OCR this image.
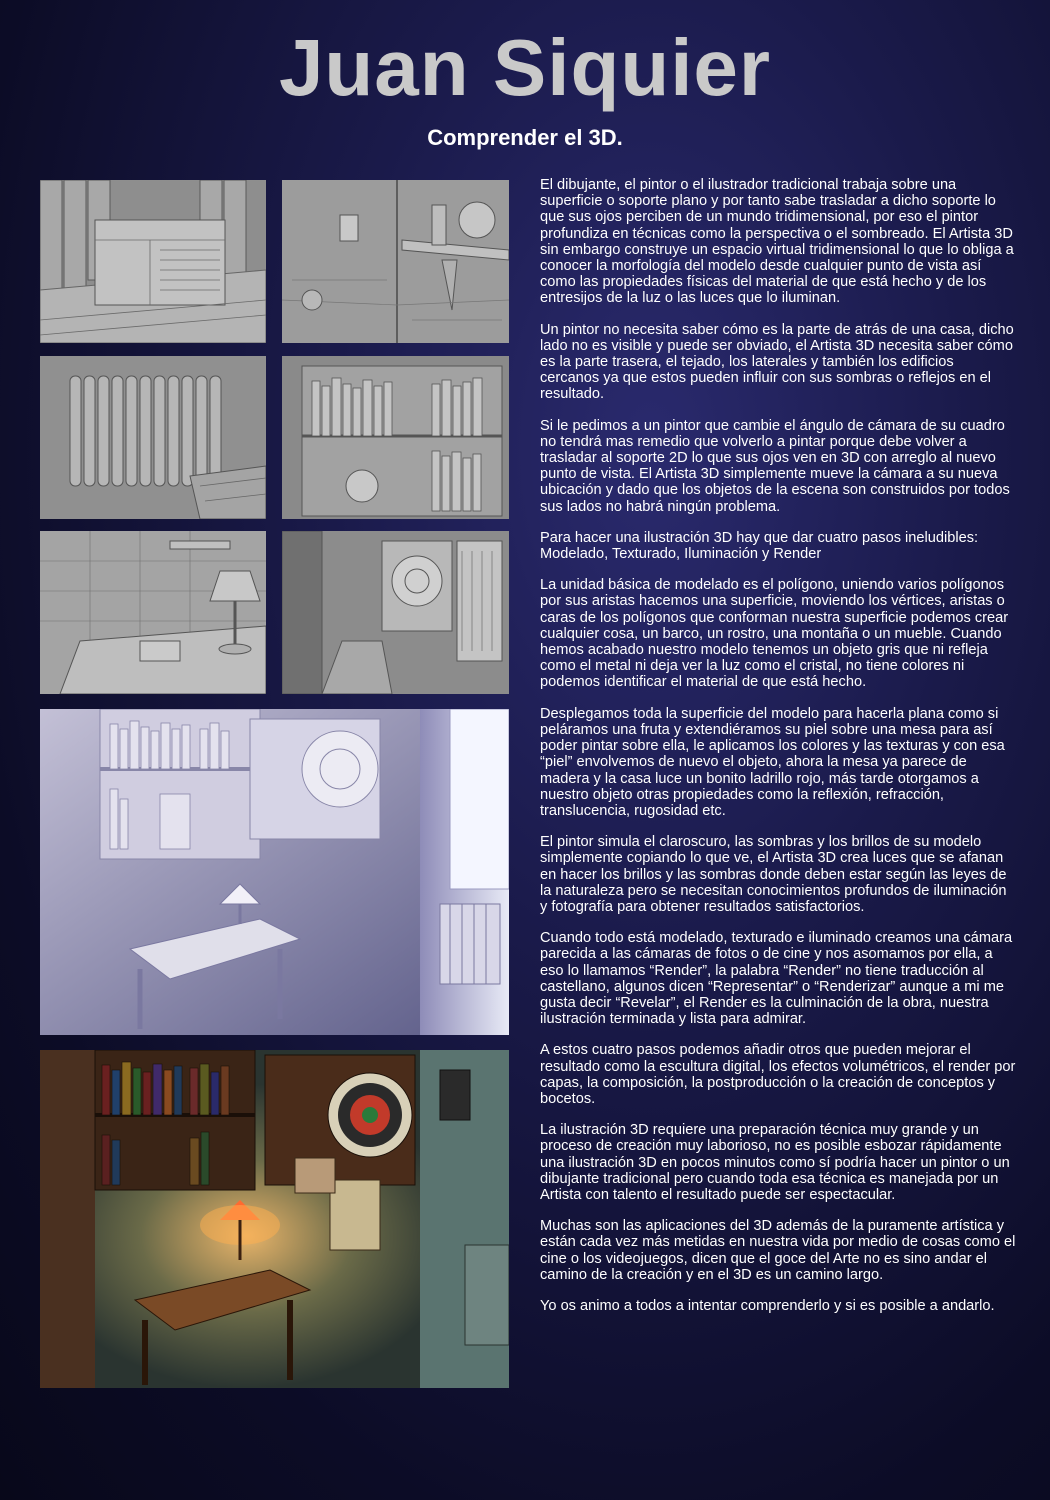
Juan Siquier
Comprender el 3D.

El dibujante, el pintor o el ilustrador tradicional trabaja sobre una superficie o soporte plano y por tanto sabe trasladar a dicho soporte lo que sus ojos perciben de un mundo tridimensional, por eso el pintor profundiza en técnicas como la perspectiva o el sombreado. El Artista 3D sin embargo construye un espacio virtual tridimensional lo que lo obliga a conocer la morfología del modelo desde cualquier punto de vista así como las propiedades físicas del material de que está hecho y de los entresijos de la luz o las luces que lo iluminan.

Un pintor no necesita saber cómo es la parte de atrás de una casa, dicho lado no es visible y puede ser obviado, el Artista 3D necesita saber cómo es la parte trasera, el tejado, los laterales y también los edificios cercanos ya que estos pueden influir con sus sombras o reflejos en el resultado.

Si le pedimos a un pintor que cambie el ángulo de cámara de su cuadro no tendrá mas remedio que volverlo a pintar porque debe volver a trasladar al soporte 2D lo que sus ojos ven en 3D con arreglo al nuevo punto de vista. El Artista 3D simplemente mueve la cámara a su nueva ubicación y dado que los objetos de la escena son construidos por todos sus lados no habrá ningún problema.

Para hacer una ilustración 3D hay que dar cuatro pasos ineludibles: Modelado, Texturado, Iluminación y Render

La unidad básica de modelado es el polígono, uniendo varios polígonos por sus aristas hacemos una superficie, moviendo los vértices, aristas o caras de los polígonos que conforman nuestra superficie podemos crear cualquier cosa, un barco, un rostro, una montaña o un mueble. Cuando hemos acabado nuestro modelo tenemos un objeto gris que ni refleja como el metal ni deja ver la luz como el cristal, no tiene colores ni podemos identificar el material de que está hecho.

Desplegamos toda la superficie del modelo para hacerla plana como si peláramos una fruta y extendiéramos su piel sobre una mesa para así poder pintar sobre ella, le aplicamos los colores y las texturas y con esa “piel” envolvemos de nuevo el objeto, ahora la mesa ya parece de madera y la casa luce un bonito ladrillo rojo, más tarde otorgamos a nuestro objeto otras propiedades como la reflexión, refracción, translucencia, rugosidad etc.

El pintor simula el claroscuro, las sombras y los brillos de su modelo simplemente copiando lo que ve, el Artista 3D crea luces que se afanan en hacer los brillos y las sombras donde deben estar según las leyes de la naturaleza pero se necesitan conocimientos profundos de iluminación y fotografía para obtener resultados satisfactorios.

Cuando todo está modelado, texturado e iluminado creamos una cámara parecida a las cámaras de fotos o de cine y nos asomamos por ella, a eso lo llamamos “Render”, la palabra “Render” no tiene traducción al castellano, algunos dicen “Representar” o “Renderizar” aunque a mi me gusta decir “Revelar”, el Render es la culminación de la obra, nuestra ilustración terminada y lista para admirar.

A estos cuatro pasos podemos añadir otros que pueden mejorar el resultado como la escultura digital, los efectos volumétricos, el render por capas, la composición, la postproducción o la creación de conceptos y bocetos.

La ilustración 3D requiere una preparación técnica muy grande y un proceso de creación muy laborioso, no es posible esbozar rápidamente una ilustración 3D en pocos minutos como sí podría hacer un pintor o un dibujante tradicional pero cuando toda esa técnica es manejada por un Artista con talento el resultado puede ser espectacular.

Muchas son las aplicaciones del 3D además de la puramente artística y están cada vez más metidas en nuestra vida por medio de cosas como el cine o los videojuegos, dicen que el goce del Arte no es sino andar el camino de la creación y en el 3D es un camino largo.

Yo os animo a todos a intentar comprenderlo y si es posible a andarlo.
